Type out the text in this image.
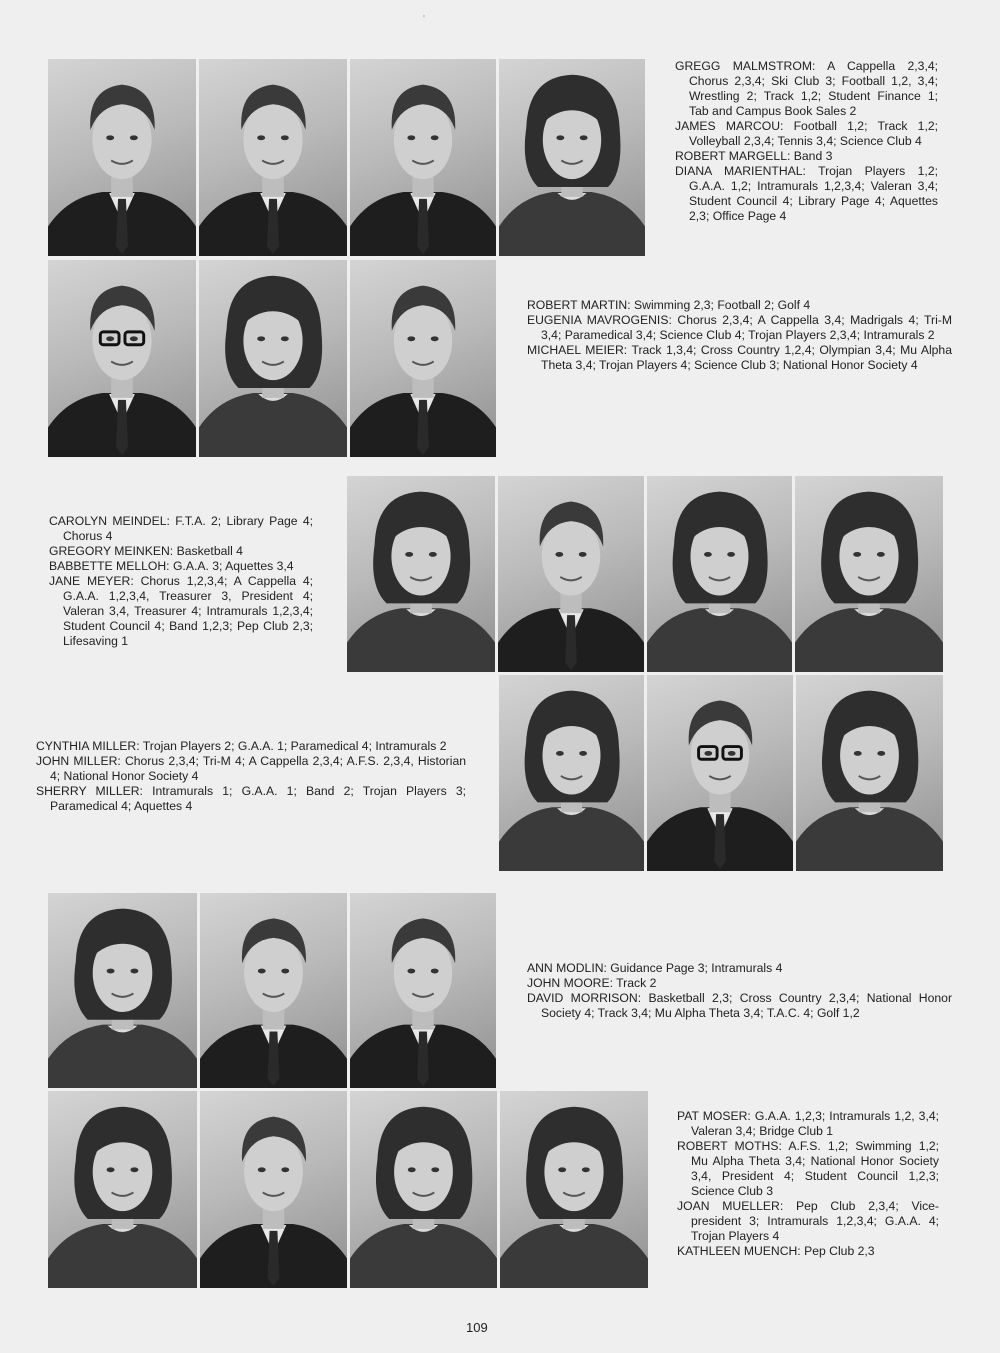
'

GREGG MALMSTROM: A Cappella 2,3,4; Chorus 2,3,4; Ski Club 3; Football 1,2, 3,4; Wrestling 2; Track 1,2; Student Finance 1; Tab and Campus Book Sales 2

JAMES MARCOU: Football 1,2; Track 1,2; Volleyball 2,3,4; Tennis 3,4; Science Club 4

ROBERT MARGELL: Band 3

DIANA MARIENTHAL: Trojan Players 1,2; G.A.A. 1,2; Intramurals 1,2,3,4; Valeran 3,4; Student Council 4; Library Page 4; Aquettes 2,3; Office Page 4

ROBERT MARTIN: Swimming 2,3; Football 2; Golf 4

EUGENIA MAVROGENIS: Chorus 2,3,4; A Cappella 3,4; Madrigals 4; Tri-M 3,4; Paramedical 3,4; Science Club 4; Trojan Players 2,3,4; Intramurals 2

MICHAEL MEIER: Track 1,3,4; Cross Country 1,2,4; Olympian 3,4; Mu Alpha Theta 3,4; Trojan Players 4; Science Club 3; National Honor Society 4

CAROLYN MEINDEL: F.T.A. 2; Library Page 4; Chorus 4

GREGORY MEINKEN: Basketball 4

BABBETTE MELLOH: G.A.A. 3; Aquettes 3,4

JANE MEYER: Chorus 1,2,3,4; A Cappella 4; G.A.A. 1,2,3,4, Treasurer 3, President 4; Valeran 3,4, Treasurer 4; Intramurals 1,2,3,4; Student Council 4; Band 1,2,3; Pep Club 2,3; Lifesaving 1

CYNTHIA MILLER: Trojan Players 2; G.A.A. 1; Paramedical 4; Intramurals 2

JOHN MILLER: Chorus 2,3,4; Tri-M 4; A Cappella 2,3,4; A.F.S. 2,3,4, Historian 4; National Honor Society 4

SHERRY MILLER: Intramurals 1; G.A.A. 1; Band 2; Trojan Players 3; Paramedical 4; Aquettes 4

ANN MODLIN: Guidance Page 3; Intramurals 4

JOHN MOORE: Track 2

DAVID MORRISON: Basketball 2,3; Cross Country 2,3,4; National Honor Society 4; Track 3,4; Mu Alpha Theta 3,4; T.A.C. 4; Golf 1,2

PAT MOSER: G.A.A. 1,2,3; Intramurals 1,2, 3,4; Valeran 3,4; Bridge Club 1

ROBERT MOTHS: A.F.S. 1,2; Swimming 1,2; Mu Alpha Theta 3,4; National Honor Society 3,4, President 4; Student Council 1,2,3; Science Club 3

JOAN MUELLER: Pep Club 2,3,4; Vice-president 3; Intramurals 1,2,3,4; G.A.A. 4; Trojan Players 4

KATHLEEN MUENCH: Pep Club 2,3

109
